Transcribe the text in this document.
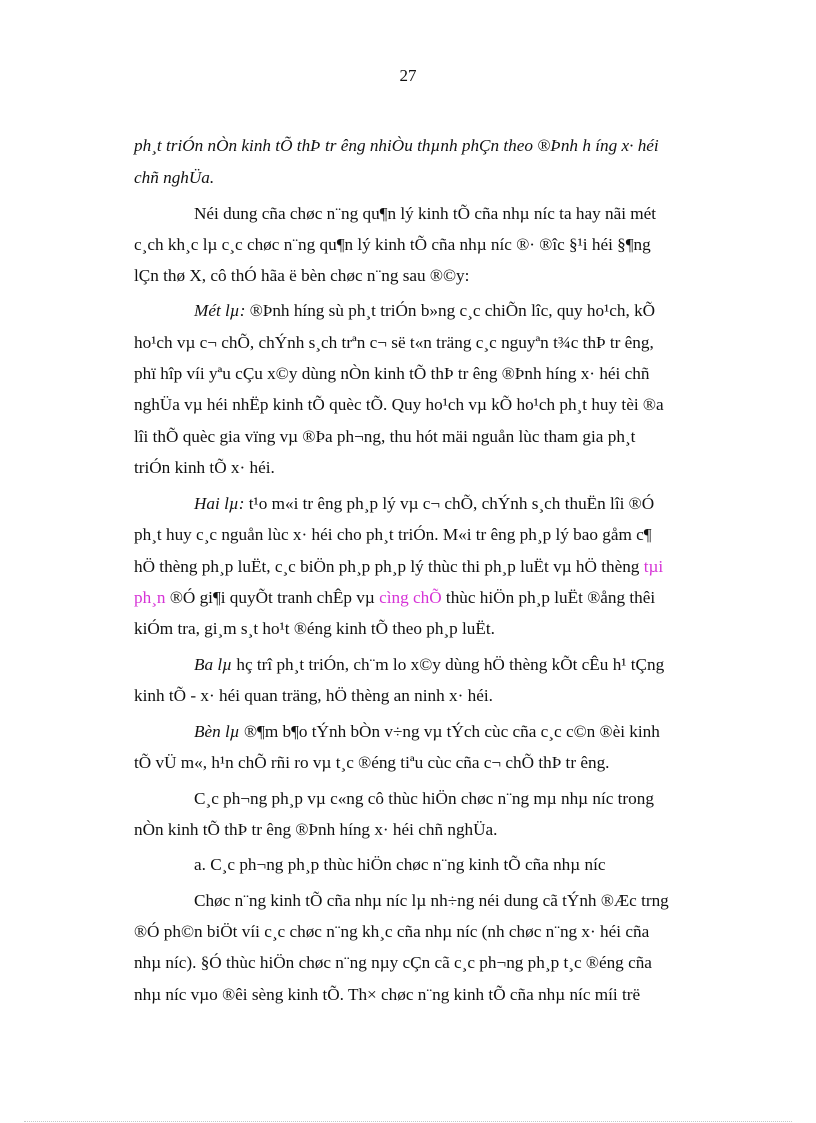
27
ph¸t triÓn nÒn kinh tÕ thÞ tr êng nhiÒu thµnh phÇn theo ®Þnh h íng x· héi
chñ nghÜa.
Néi dung cña chøc n¨ng qu¶n lý kinh tÕ cña nhµ níc ta hay nãi mét
c¸ch kh¸c lµ c¸c chøc n¨ng qu¶n lý kinh tÕ cña nhµ níc ®· ®îc §¹i héi §¶ng
lÇn thø X, cô thÓ hãa ë bèn chøc n¨ng sau ®©y:
Mét lµ: ®Þnh híng sù ph¸t triÓn b»ng c¸c chiÕn lîc, quy ho¹ch, kÕ
ho¹ch vµ c¬ chÕ, chÝnh s¸ch trªn c¬ së t«n träng c¸c nguyªn t¾c thÞ tr êng,
phï hîp víi yªu cÇu x©y dùng nÒn kinh tÕ thÞ tr êng ®Þnh híng x· héi chñ
nghÜa vµ héi nhËp kinh tÕ quèc tÕ. Quy ho¹ch vµ kÕ ho¹ch ph¸t huy tèi ®a
lîi thÕ quèc gia vïng vµ ®Þa ph¬ng, thu hót mäi nguån lùc tham gia ph¸t
triÓn kinh tÕ x· héi.
Hai lµ: t¹o m«i tr êng ph¸p lý vµ c¬ chÕ, chÝnh s¸ch thuËn lîi ®Ó
ph¸t huy c¸c nguån lùc x· héi cho ph¸t triÓn. M«i tr êng ph¸p lý bao gåm c¶
hÖ thèng ph¸p luËt, c¸c biÖn ph¸p ph¸p lý thùc thi ph¸p luËt vµ hÖ thèng tµi
ph¸n ®Ó gi¶i quyÕt tranh chÊp vµ cìng chÕ thùc hiÖn ph¸p luËt ®ång thêi
kiÓm tra, gi¸m s¸t ho¹t ®éng kinh tÕ theo ph¸p luËt.
Ba lµ hç trî ph¸t triÓn, ch¨m lo x©y dùng hÖ thèng kÕt cÊu h¹ tÇng
kinh tÕ - x· héi quan träng, hÖ thèng an ninh x· héi.
Bèn lµ ®¶m b¶o tÝnh bÒn v÷ng vµ tÝch cùc cña c¸c c©n ®èi kinh
tÕ vÜ m«, h¹n chÕ rñi ro vµ t¸c ®éng tiªu cùc cña c¬ chÕ thÞ tr êng.
C¸c ph¬ng ph¸p vµ c«ng cô thùc hiÖn chøc n¨ng mµ nhµ níc trong
nÒn kinh tÕ thÞ tr êng ®Þnh híng x· héi chñ nghÜa.
a. C¸c ph¬ng ph¸p thùc hiÖn chøc n¨ng kinh tÕ cña nhµ níc
Chøc n¨ng kinh tÕ cña nhµ níc lµ nh÷ng néi dung cã tÝnh ®Æc trng
®Ó ph©n biÖt víi c¸c chøc n¨ng kh¸c cña nhµ níc (nh chøc n¨ng x· héi cña
nhµ níc). §Ó thùc hiÖn chøc n¨ng nµy cÇn cã c¸c ph¬ng ph¸p t¸c ®éng cña
nhµ níc vµo ®êi sèng kinh tÕ. Th× chøc n¨ng kinh tÕ cña nhµ níc míi trë
